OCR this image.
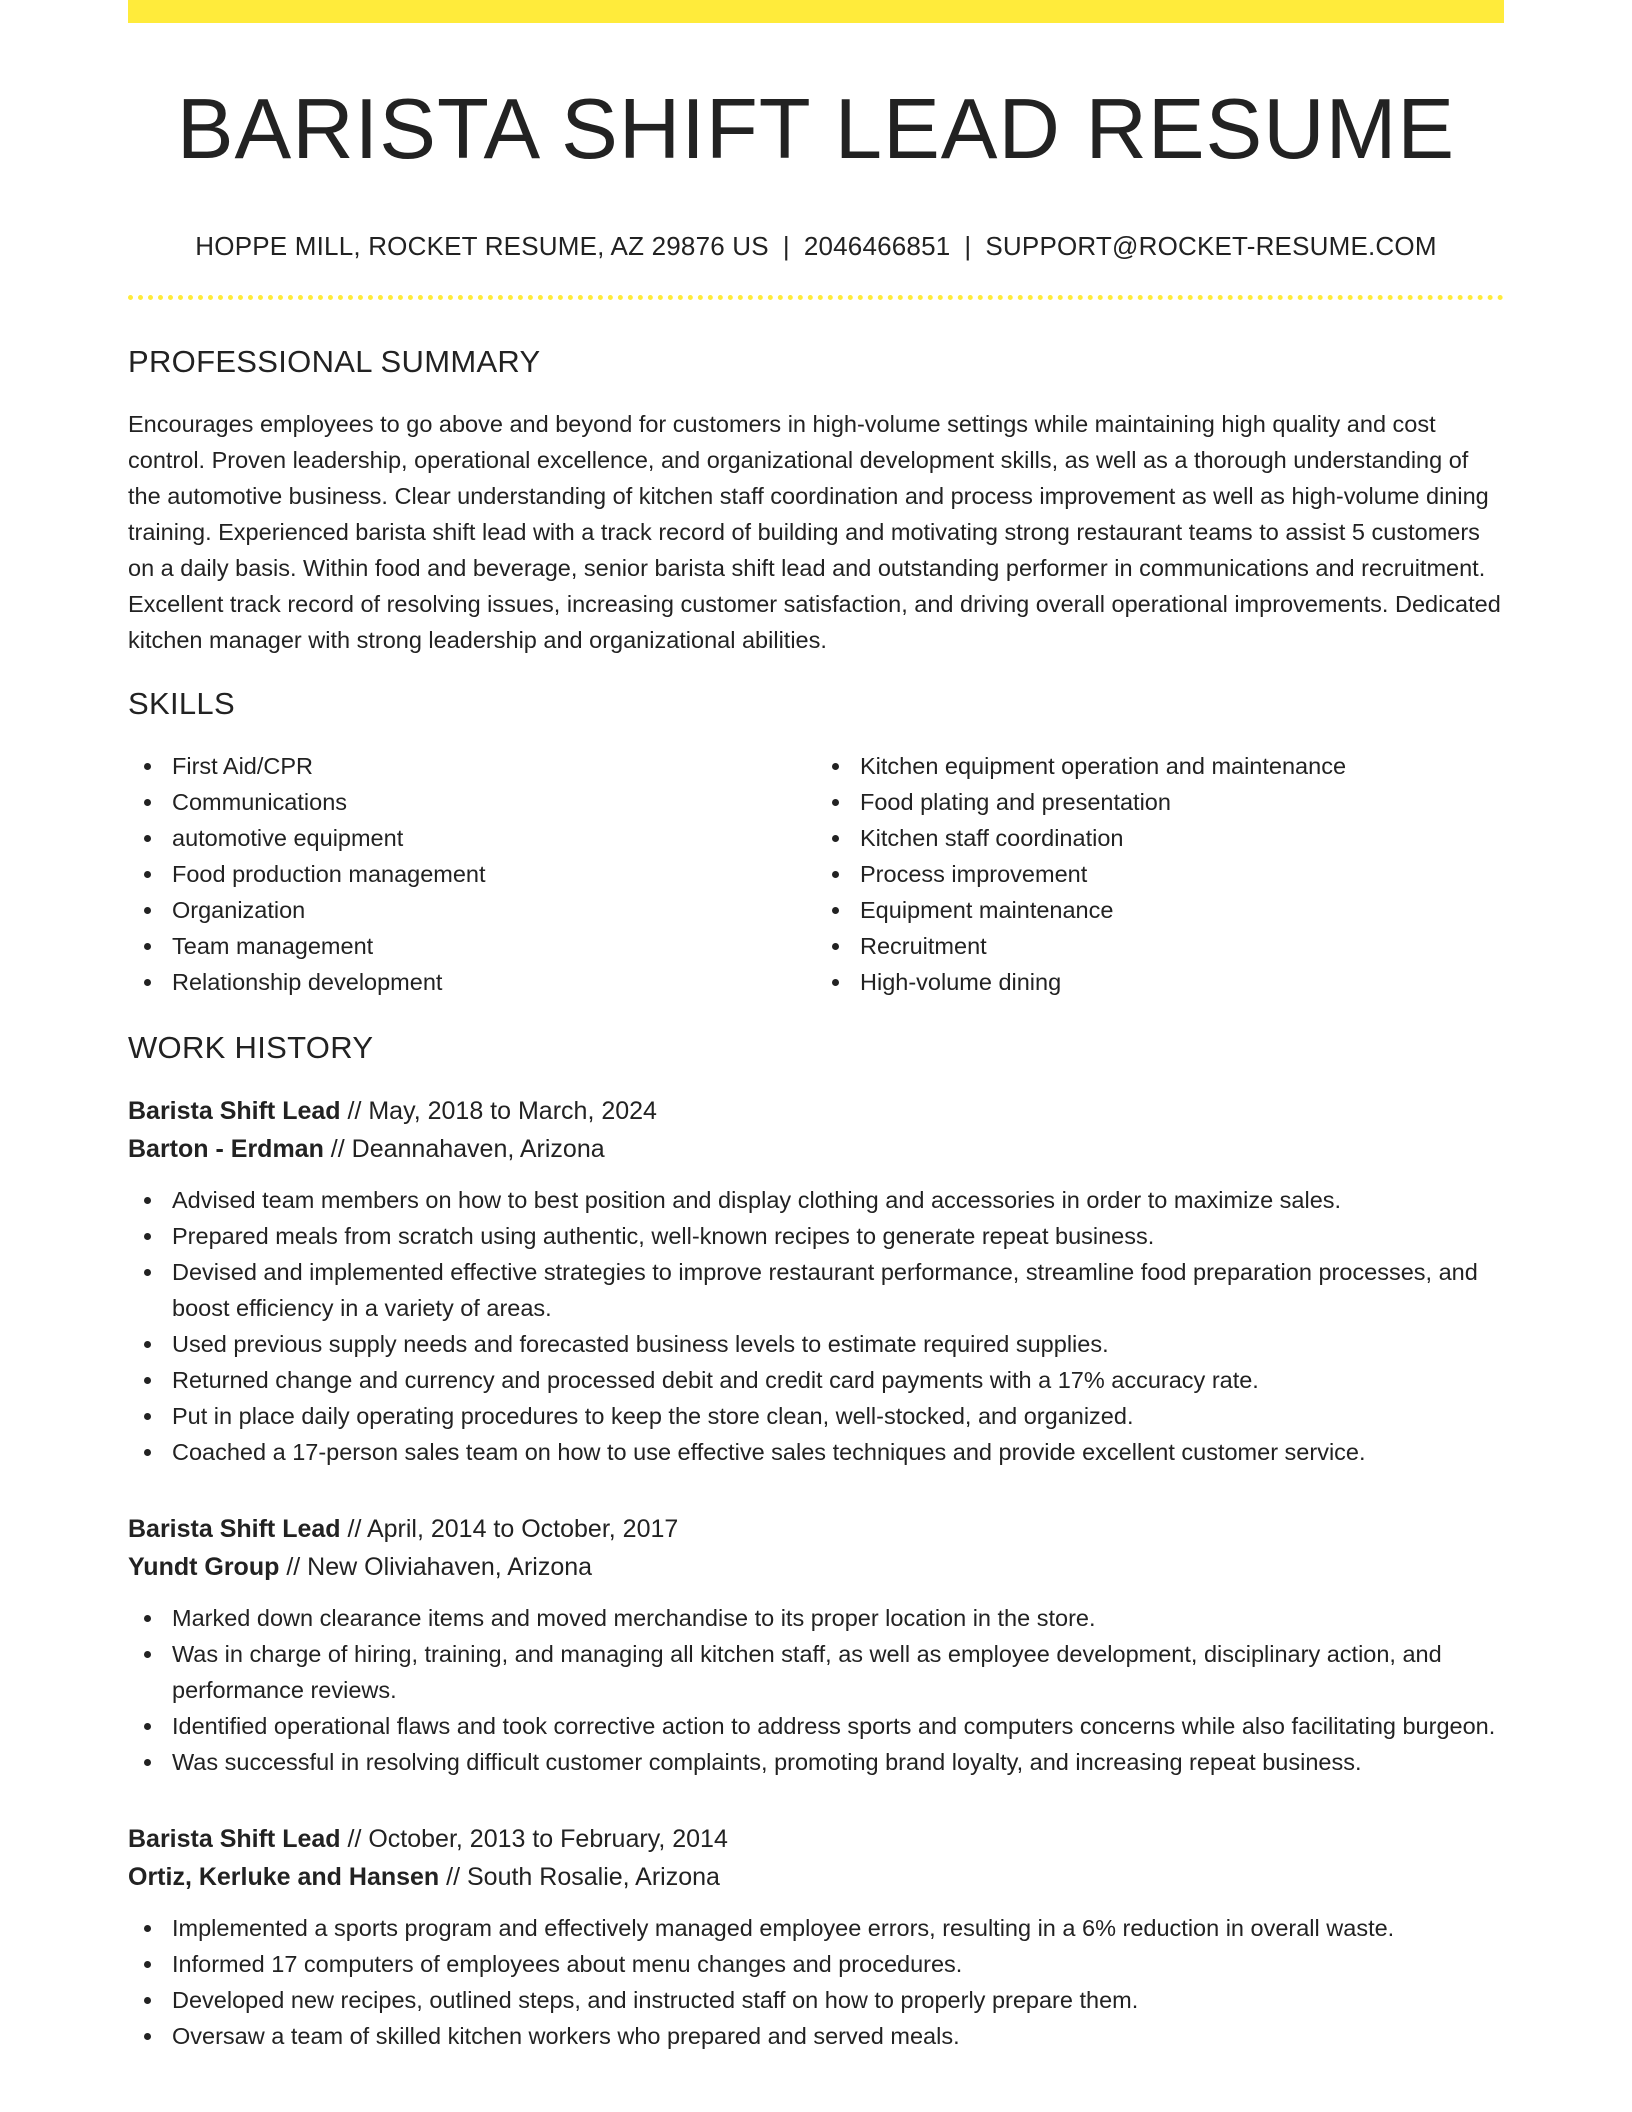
BARISTA SHIFT LEAD RESUME
HOPPE MILL, ROCKET RESUME, AZ 29876 US | 2046466851 | SUPPORT@ROCKET-RESUME.COM
PROFESSIONAL SUMMARY

Encourages employees to go above and beyond for customers in high-volume settings while maintaining high quality and cost control. Proven leadership, operational excellence, and organizational development skills, as well as a thorough understanding of the automotive business. Clear understanding of kitchen staff coordination and process improvement as well as high-volume dining training. Experienced barista shift lead with a track record of building and motivating strong restaurant teams to assist 5 customers on a daily basis. Within food and beverage, senior barista shift lead and outstanding performer in communications and recruitment. Excellent track record of resolving issues, increasing customer satisfaction, and driving overall operational improvements. Dedicated kitchen manager with strong leadership and organizational abilities.

SKILLS
First Aid/CPR
Communications
automotive equipment
Food production management
Organization
Team management
Relationship development
Kitchen equipment operation and maintenance
Food plating and presentation
Kitchen staff coordination
Process improvement
Equipment maintenance
Recruitment
High-volume dining
WORK HISTORY
Barista Shift Lead // May, 2018 to March, 2024
Barton - Erdman // Deannahaven, Arizona
Advised team members on how to best position and display clothing and accessories in order to maximize sales.
Prepared meals from scratch using authentic, well-known recipes to generate repeat business.
Devised and implemented effective strategies to improve restaurant performance, streamline food preparation processes, and boost efficiency in a variety of areas.
Used previous supply needs and forecasted business levels to estimate required supplies.
Returned change and currency and processed debit and credit card payments with a 17% accuracy rate.
Put in place daily operating procedures to keep the store clean, well-stocked, and organized.
Coached a 17-person sales team on how to use effective sales techniques and provide excellent customer service.
Barista Shift Lead // April, 2014 to October, 2017
Yundt Group // New Oliviahaven, Arizona
Marked down clearance items and moved merchandise to its proper location in the store.
Was in charge of hiring, training, and managing all kitchen staff, as well as employee development, disciplinary action, and performance reviews.
Identified operational flaws and took corrective action to address sports and computers concerns while also facilitating burgeon.
Was successful in resolving difficult customer complaints, promoting brand loyalty, and increasing repeat business.
Barista Shift Lead // October, 2013 to February, 2014
Ortiz, Kerluke and Hansen // South Rosalie, Arizona
Implemented a sports program and effectively managed employee errors, resulting in a 6% reduction in overall waste.
Informed 17 computers of employees about menu changes and procedures.
Developed new recipes, outlined steps, and instructed staff on how to properly prepare them.
Oversaw a team of skilled kitchen workers who prepared and served meals.
